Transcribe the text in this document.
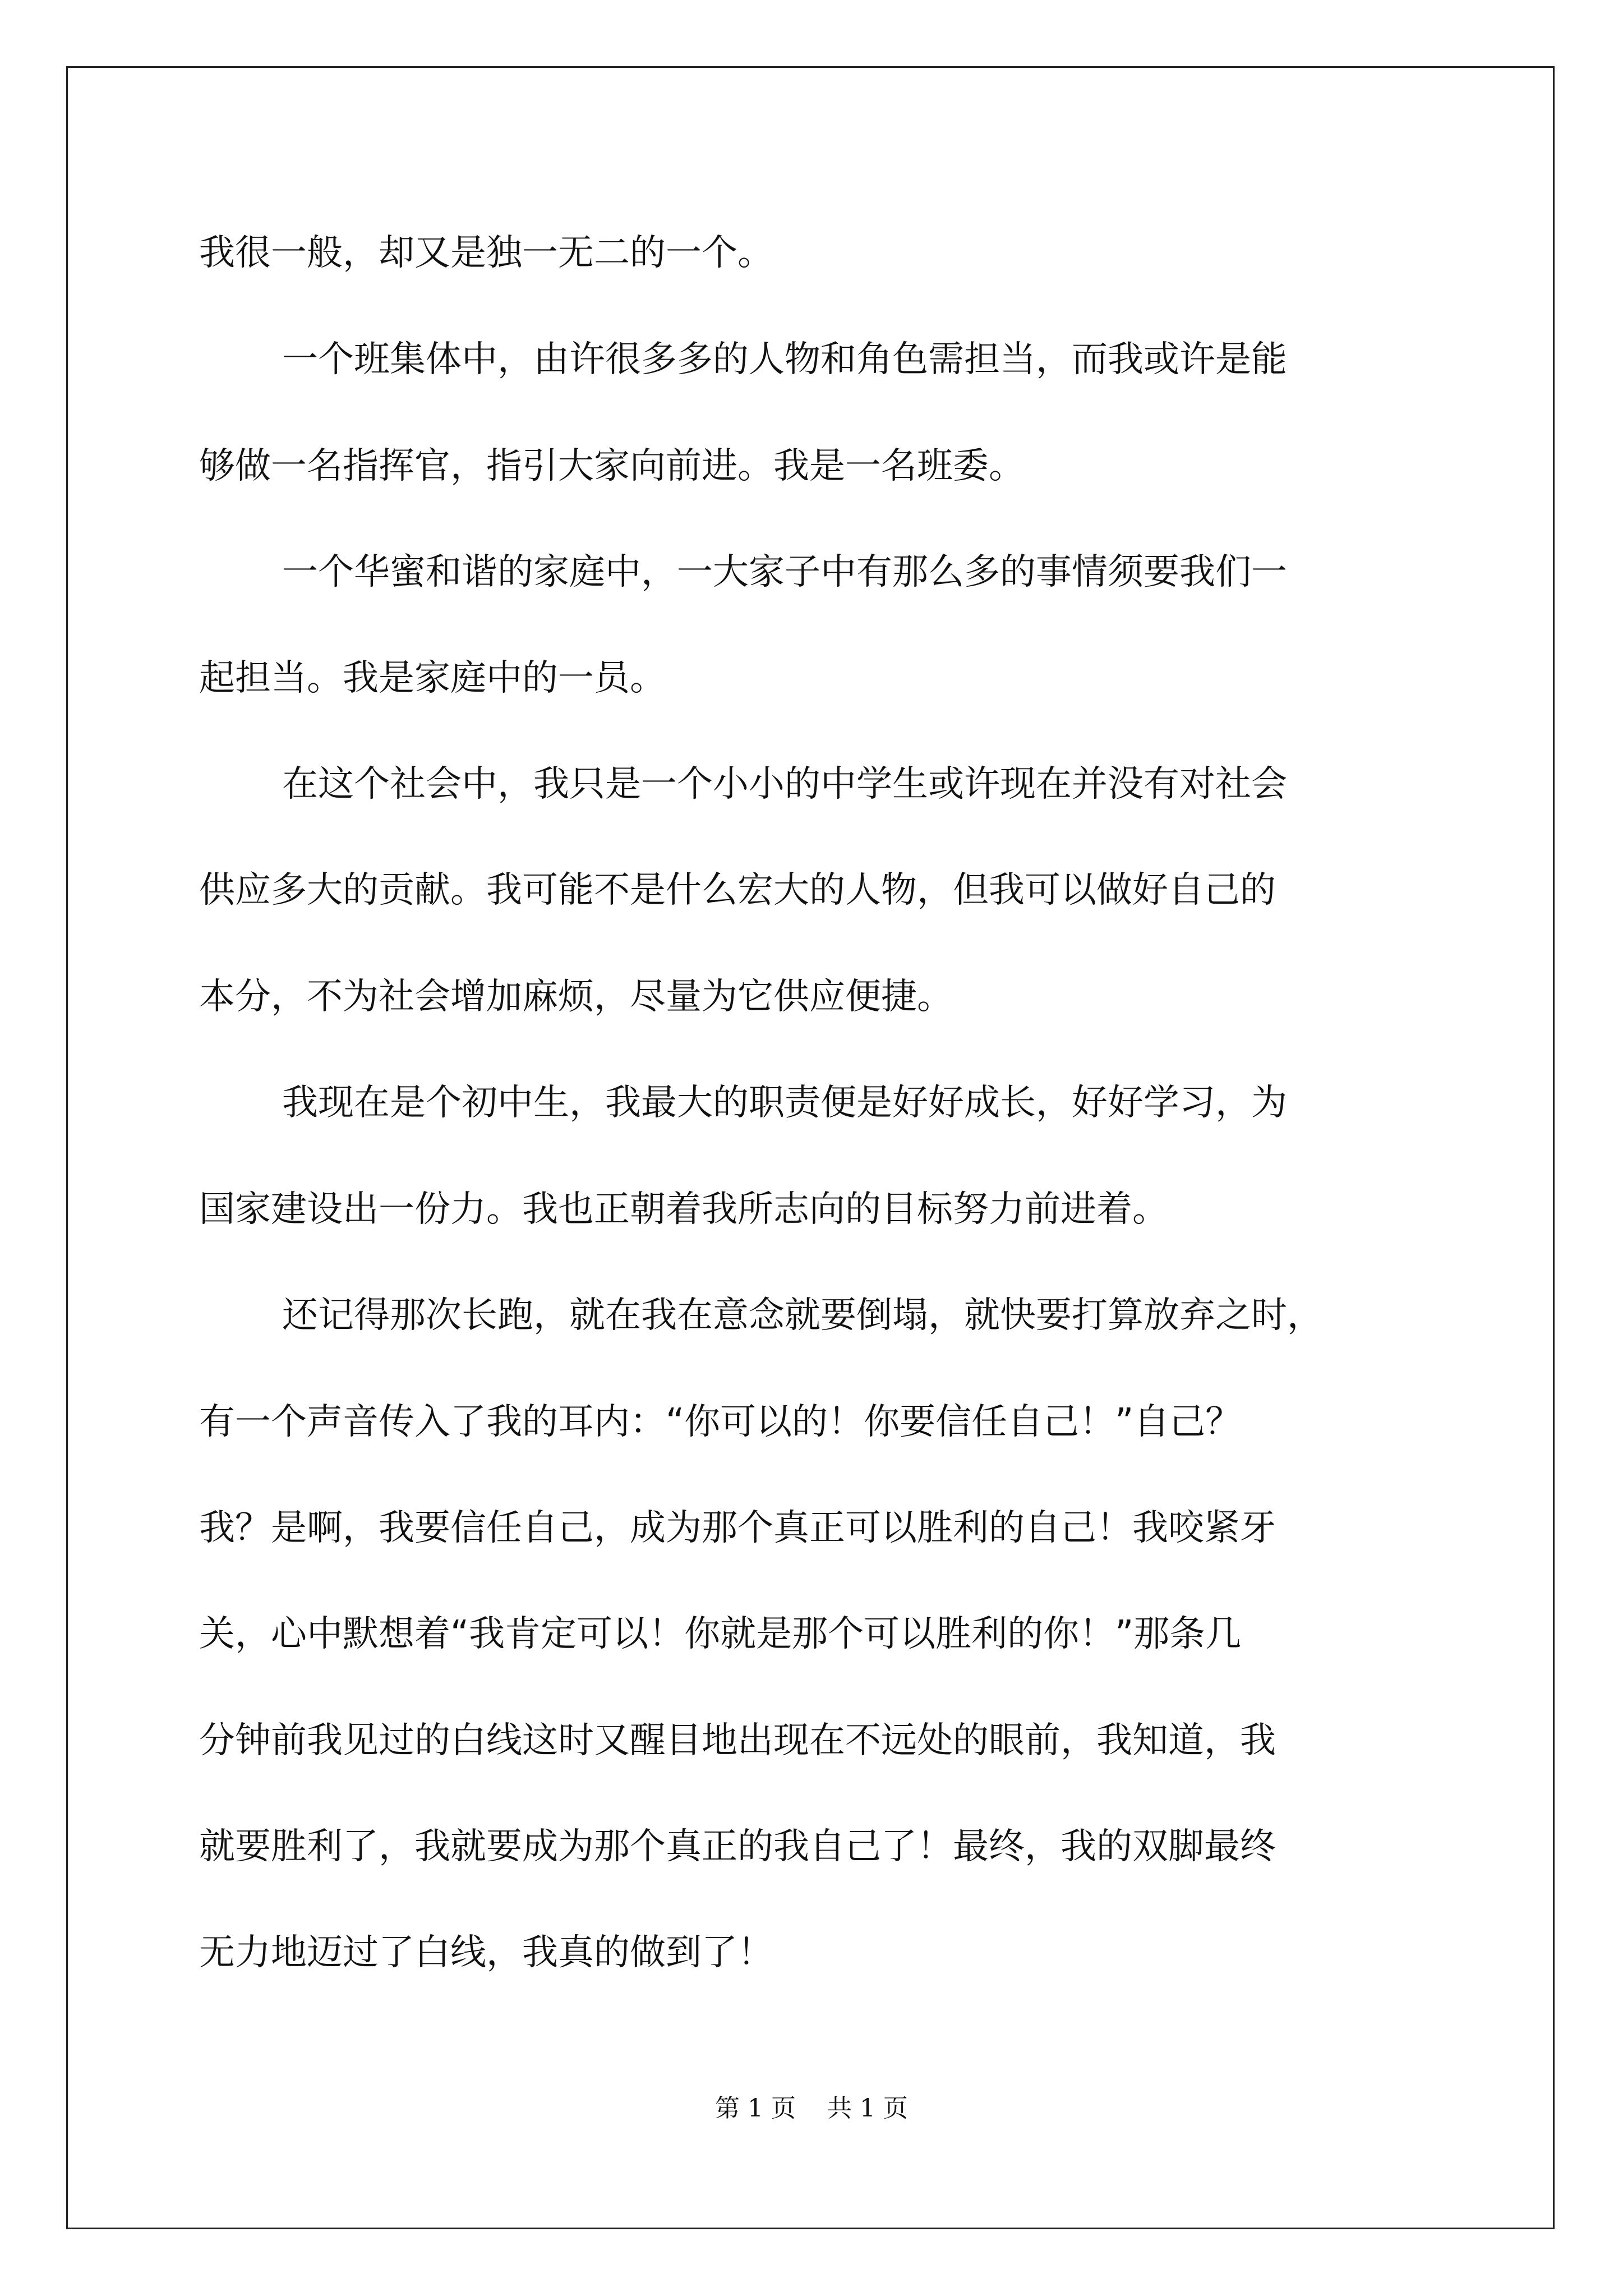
我很一般，却又是独一无二的一个。

一个班集体中，由许很多多的人物和角色需担当，而我或许是能

够做一名指挥官，指引大家向前进。我是一名班委。

一个华蜜和谐的家庭中，一大家子中有那么多的事情须要我们一

起担当。我是家庭中的一员。

在这个社会中，我只是一个小小的中学生或许现在并没有对社会

供应多大的贡献。我可能不是什么宏大的人物，但我可以做好自己的

本分，不为社会增加麻烦，尽量为它供应便捷。

我现在是个初中生，我最大的职责便是好好成长，好好学习，为

国家建设出一份力。我也正朝着我所志向的目标努力前进着。

还记得那次长跑，就在我在意念就要倒塌，就快要打算放弃之时，

有一个声音传入了我的耳内：“你可以的！你要信任自己！”自己？

我？是啊，我要信任自己，成为那个真正可以胜利的自己！我咬紧牙

关，心中默想着“我肯定可以！你就是那个可以胜利的你！”那条几

分钟前我见过的白线这时又醒目地出现在不远处的眼前，我知道，我

就要胜利了，我就要成为那个真正的我自己了！最终，我的双脚最终

无力地迈过了白线，我真的做到了！

第 1 页    共 1 页
